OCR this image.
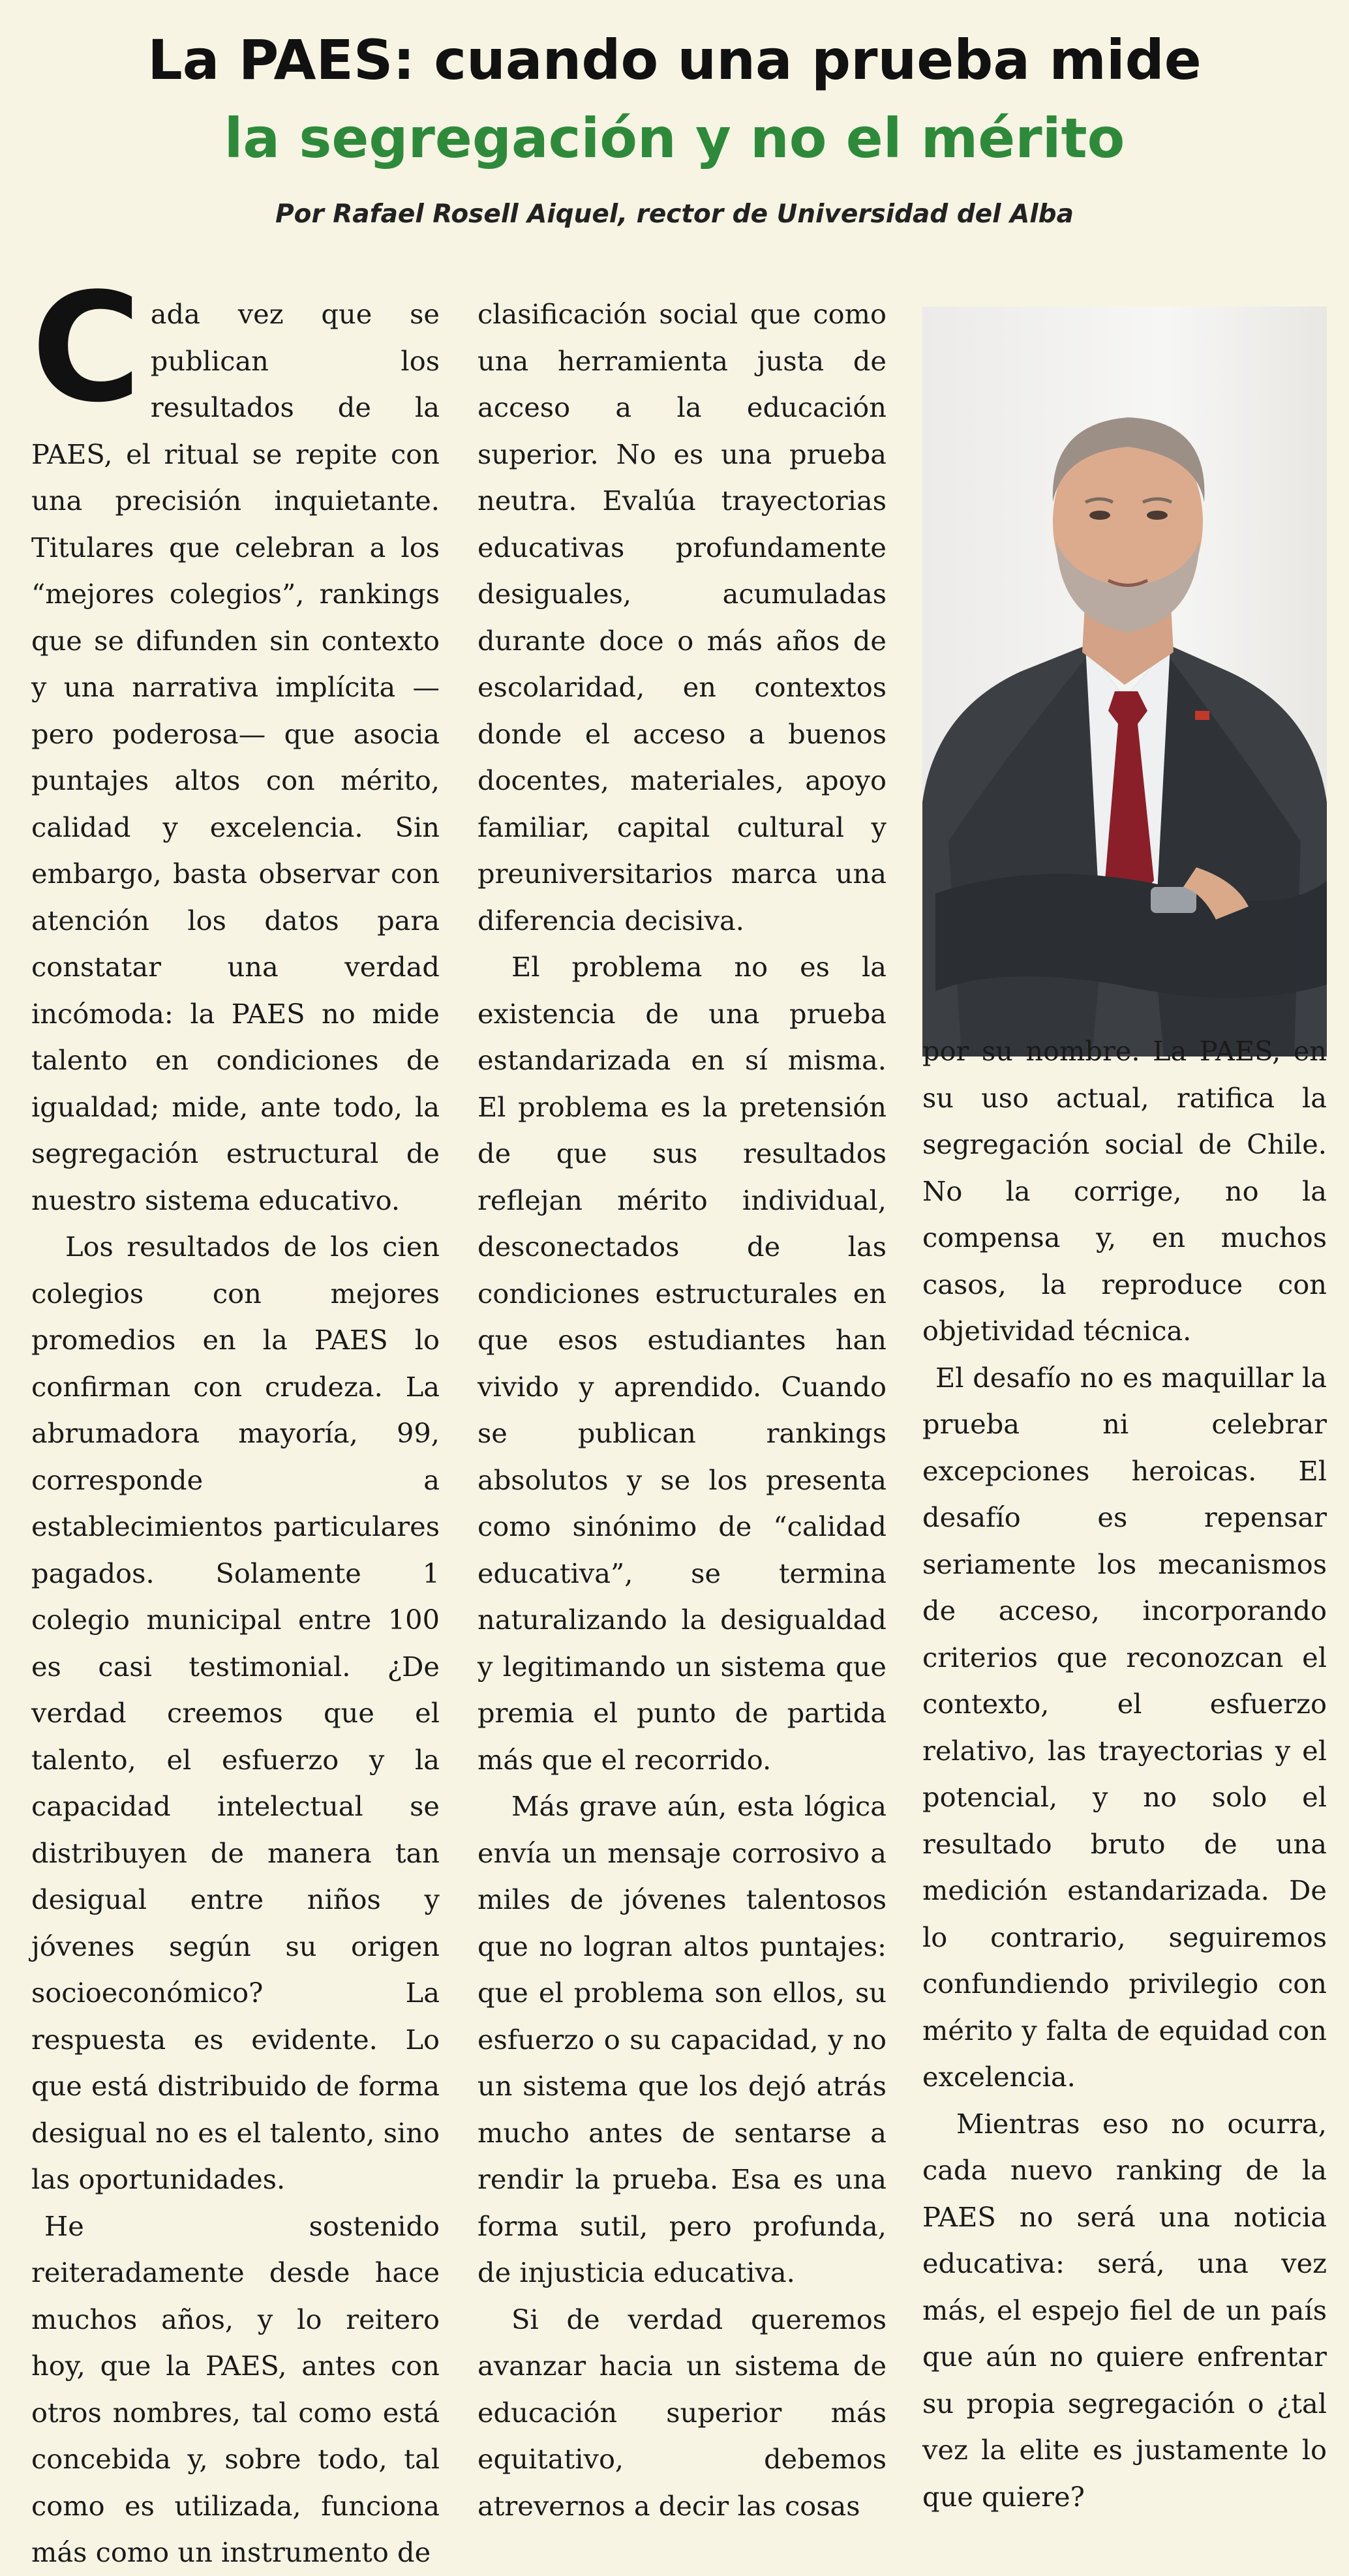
La PAES: cuando una prueba mide
la segregación y no el mérito
Por Rafael Rosell Aiquel, rector de Universidad del Alba

Cada vez que se publican los resultados de la PAES, el ritual se repite con una precisión inquietante. Titulares que celebran a los “mejores colegios”, rankings que se difunden sin contexto y una narrativa implícita —pero poderosa— que asocia puntajes altos con mérito, calidad y excelencia. Sin embargo, basta observar con atención los datos para constatar una verdad incómoda: la PAES no mide talento en condiciones de igualdad; mide, ante todo, la segregación estructural de nuestro sistema educativo.

Los resultados de los cien colegios con mejores promedios en la PAES lo confirman con crudeza. La abrumadora mayoría, 99, corresponde a establecimientos particulares pagados. Solamente 1 colegio municipal entre 100 es casi testimonial. ¿De verdad creemos que el talento, el esfuerzo y la capacidad intelectual se distribuyen de manera tan desigual entre niños y jóvenes según su origen socioeconómico? La respuesta es evidente. Lo que está distribuido de forma desigual no es el talento, sino las oportunidades.

He sostenido reiteradamente desde hace muchos años, y lo reitero hoy, que la PAES, antes con otros nombres, tal como está concebida y, sobre todo, tal como es utilizada, funciona más como un instrumento de

clasificación social que como una herramienta justa de acceso a la educación superior. No es una prueba neutra. Evalúa trayectorias educativas profundamente desiguales, acumuladas durante doce o más años de escolaridad, en contextos donde el acceso a buenos docentes, materiales, apoyo familiar, capital cultural y preuniversitarios marca una diferencia decisiva.

El problema no es la existencia de una prueba estandarizada en sí misma. El problema es la pretensión de que sus resultados reflejan mérito individual, desconectados de las condiciones estructurales en que esos estudiantes han vivido y aprendido. Cuando se publican rankings absolutos y se los presenta como sinónimo de “calidad educativa”, se termina naturalizando la desigualdad y legitimando un sistema que premia el punto de partida más que el recorrido.

Más grave aún, esta lógica envía un mensaje corrosivo a miles de jóvenes talentosos que no logran altos puntajes: que el problema son ellos, su esfuerzo o su capacidad, y no un sistema que los dejó atrás mucho antes de sentarse a rendir la prueba. Esa es una forma sutil, pero profunda, de injusticia educativa.

Si de verdad queremos avanzar hacia un sistema de educación superior más equitativo, debemos atrevernos a decir las cosas

por su nombre. La PAES, en su uso actual, ratifica la segregación social de Chile. No la corrige, no la compensa y, en muchos casos, la reproduce con objetividad técnica.

El desafío no es maquillar la prueba ni celebrar excepciones heroicas. El desafío es repensar seriamente los mecanismos de acceso, incorporando criterios que reconozcan el contexto, el esfuerzo relativo, las trayectorias y el potencial, y no solo el resultado bruto de una medición estandarizada. De lo contrario, seguiremos confundiendo privilegio con mérito y falta de equidad con excelencia.

Mientras eso no ocurra, cada nuevo ranking de la PAES no será una noticia educativa: será, una vez más, el espejo fiel de un país que aún no quiere enfrentar su propia segregación o ¿tal vez la elite es justamente lo que quiere?
